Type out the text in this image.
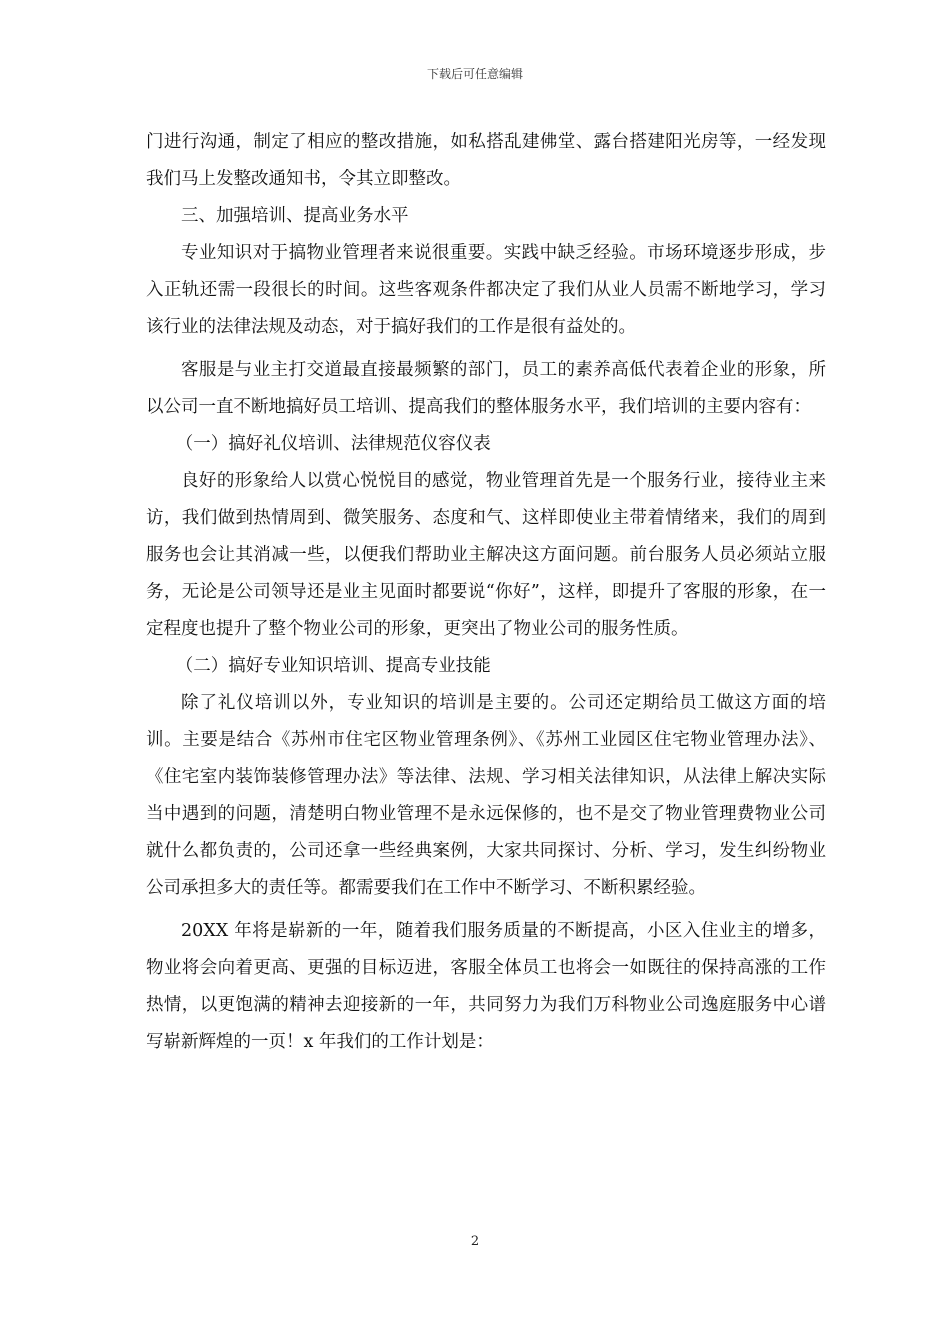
下载后可任意编辑

门进行沟通，制定了相应的整改措施，如私搭乱建佛堂、露台搭建阳光房等，一经发现我们马上发整改通知书，令其立即整改。

三、加强培训、提高业务水平

专业知识对于搞物业管理者来说很重要。实践中缺乏经验。市场环境逐步形成，步入正轨还需一段很长的时间。这些客观条件都决定了我们从业人员需不断地学习，学习该行业的法律法规及动态，对于搞好我们的工作是很有益处的。

客服是与业主打交道最直接最频繁的部门，员工的素养高低代表着企业的形象，所以公司一直不断地搞好员工培训、提高我们的整体服务水平，我们培训的主要内容有：

（一）搞好礼仪培训、法律规范仪容仪表

良好的形象给人以赏心悦悦目的感觉，物业管理首先是一个服务行业，接待业主来访，我们做到热情周到、微笑服务、态度和气、这样即使业主带着情绪来，我们的周到服务也会让其消减一些，以便我们帮助业主解决这方面问题。前台服务人员必须站立服务，无论是公司领导还是业主见面时都要说“你好”，这样，即提升了客服的形象，在一定程度也提升了整个物业公司的形象，更突出了物业公司的服务性质。

（二）搞好专业知识培训、提高专业技能

除了礼仪培训以外，专业知识的培训是主要的。公司还定期给员工做这方面的培训。主要是结合《苏州市住宅区物业管理条例》、《苏州工业园区住宅物业管理办法》、《住宅室内装饰装修管理办法》等法律、法规、学习相关法律知识，从法律上解决实际当中遇到的问题，清楚明白物业管理不是永远保修的，也不是交了物业管理费物业公司就什么都负责的，公司还拿一些经典案例，大家共同探讨、分析、学习，发生纠纷物业公司承担多大的责任等。都需要我们在工作中不断学习、不断积累经验。

20XX 年将是崭新的一年，随着我们服务质量的不断提高，小区入住业主的增多，物业将会向着更高、更强的目标迈进，客服全体员工也将会一如既往的保持高涨的工作热情，以更饱满的精神去迎接新的一年，共同努力为我们万科物业公司逸庭服务中心谱写崭新辉煌的一页！x 年我们的工作计划是：

2
